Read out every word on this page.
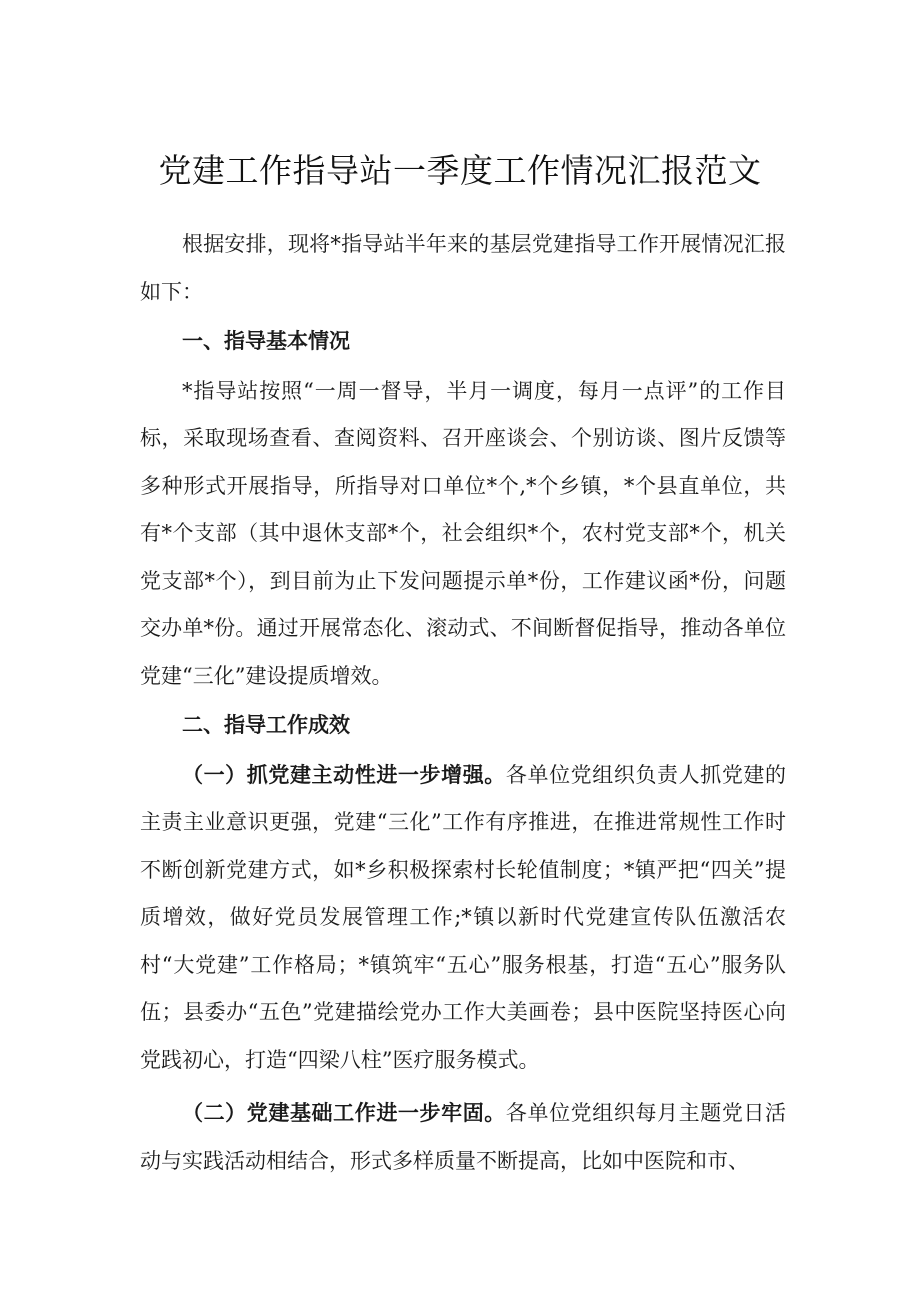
党建工作指导站一季度工作情况汇报范文

根据安排，现将*指导站半年来的基层党建指导工作开展情况汇报如下：

一、指导基本情况

*指导站按照“一周一督导，半月一调度，每月一点评”的工作目标，采取现场查看、查阅资料、召开座谈会、个别访谈、图片反馈等多种形式开展指导，所指导对口单位*个,*个乡镇，*个县直单位，共有*个支部（其中退休支部*个，社会组织*个，农村党支部*个，机关党支部*个），到目前为止下发问题提示单*份，工作建议函*份，问题交办单*份。通过开展常态化、滚动式、不间断督促指导，推动各单位党建“三化”建设提质增效。

二、指导工作成效

（一）抓党建主动性进一步增强。各单位党组织负责人抓党建的主责主业意识更强，党建“三化”工作有序推进，在推进常规性工作时不断创新党建方式，如*乡积极探索村长轮值制度；*镇严把“四关”提质增效，做好党员发展管理工作;*镇以新时代党建宣传队伍激活农村“大党建”工作格局；*镇筑牢“五心”服务根基，打造“五心”服务队伍；县委办“五色”党建描绘党办工作大美画卷；县中医院坚持医心向党践初心，打造“四梁八柱”医疗服务模式。

（二）党建基础工作进一步牢固。各单位党组织每月主题党日活动与实践活动相结合，形式多样质量不断提高，比如中医院和市、
